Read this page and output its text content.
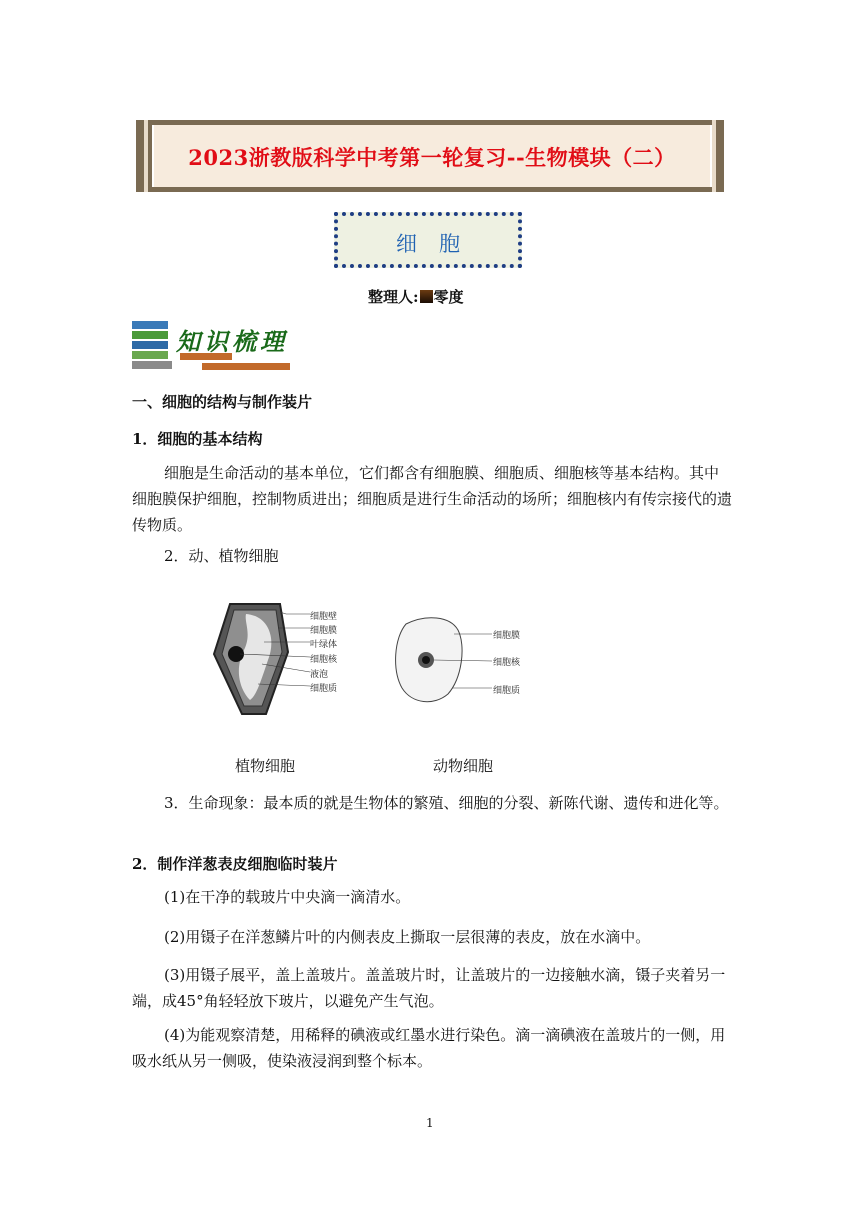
2023浙教版科学中考第一轮复习--生物模块（二）
细胞
整理人: 零度
知识梳理
一、细胞的结构与制作装片
1．细胞的基本结构
细胞是生命活动的基本单位，它们都含有细胞膜、细胞质、细胞核等基本结构。其中细胞膜保护细胞，控制物质进出；细胞质是进行生命活动的场所；细胞核内有传宗接代的遗传物质。
2．动、植物细胞
细胞壁
细胞膜
叶绿体
细胞核
液泡
细胞质
细胞膜
细胞核
细胞质
植物细胞	动物细胞
3．生命现象：最本质的就是生物体的繁殖、细胞的分裂、新陈代谢、遗传和进化等。
2．制作洋葱表皮细胞临时装片
(1)在干净的载玻片中央滴一滴清水。
(2)用镊子在洋葱鳞片叶的内侧表皮上撕取一层很薄的表皮，放在水滴中。
(3)用镊子展平，盖上盖玻片。盖盖玻片时，让盖玻片的一边接触水滴，镊子夹着另一端，成45°角轻轻放下玻片，以避免产生气泡。
(4)为能观察清楚，用稀释的碘液或红墨水进行染色。滴一滴碘液在盖玻片的一侧，用吸水纸从另一侧吸，使染液浸润到整个标本。
1
